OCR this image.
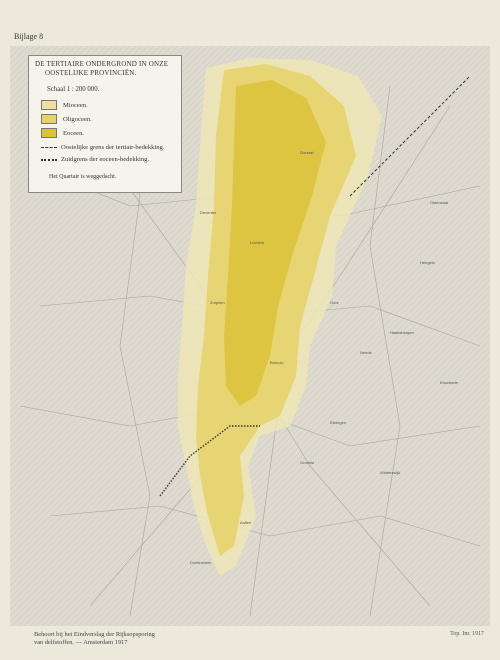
Bijlage 8
DE TERTIAIRE ONDERGROND IN ONZE
OOSTELIJKE PROVINCIËN.
Schaal 1 : 200 000.
Mioceen.
Oligoceen.
Eoceen.
Oostelijke grens der tertiair-bedekking.
Zuidgrens der eoceen-bedekking.
Het Quartair is weggedacht.
Gorssel
Deventer
Hengelo
Goor
Borculo
Enschede
Eibergen
Winterswijk
Zutphen
Lochem
Neede
Groenlo
Aalten
Doetinchem
Oldenzaal
Haaksbergen
Behoort bij het Eindverslag der Rijksopsporing
van delfstoffen. — Amsterdam 1917
Top. Inr. 1917
